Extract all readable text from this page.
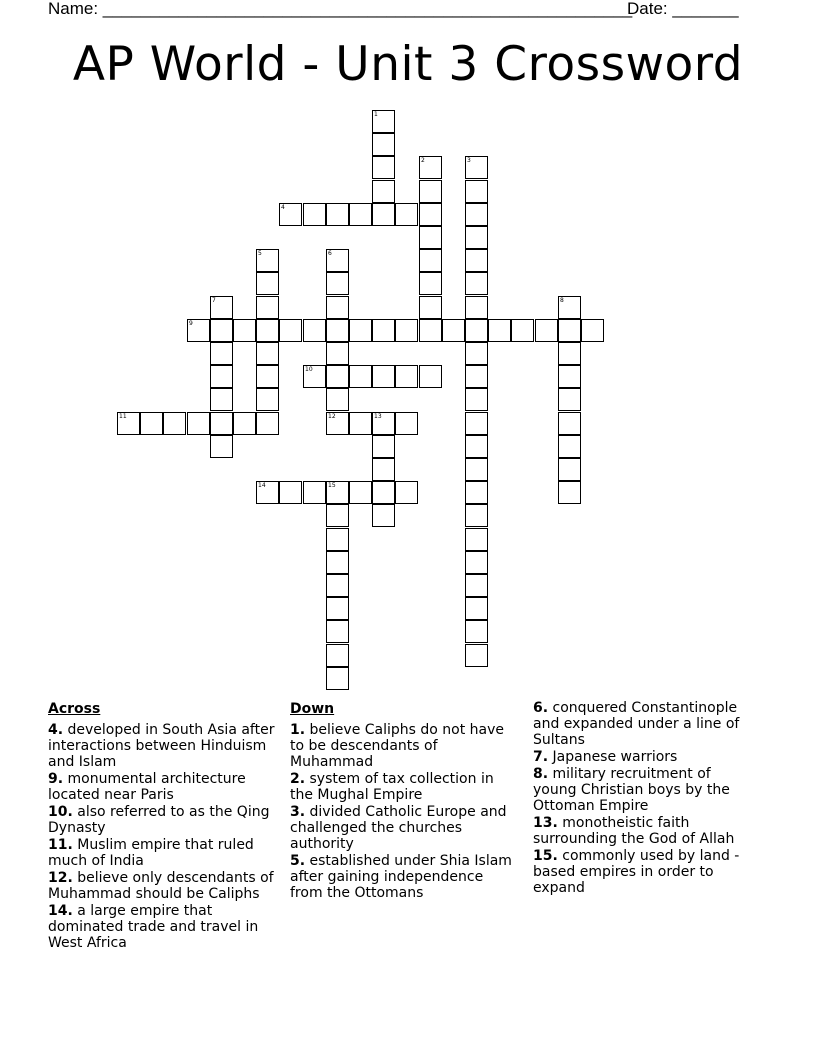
Name: ________________________________________________________
Date: _______
AP World - Unit 3 Crossword
1
2	3
4
5	6
12
7	8
9
10
11	13
14	15
Across
4. developed in South Asia after interactions between Hinduism and Islam
9. monumental architecture located near Paris
10. also referred to as the Qing Dynasty
11. Muslim empire that ruled much of India
12. believe only descendants of Muhammad should be Caliphs
14. a large empire that dominated trade and travel in West Africa
Down
1. believe Caliphs do not have to be descendants of Muhammad
2. system of tax collection in the Mughal Empire
3. divided Catholic Europe and challenged the churches authority
5. established under Shia Islam after gaining independence from the Ottomans
6. conquered Constantinople and expanded under a line of Sultans
7. Japanese warriors
8. military recruitment of young Christian boys by the Ottoman Empire
13. monotheistic faith surrounding the God of Allah
15. commonly used by land - based empires in order to expand
